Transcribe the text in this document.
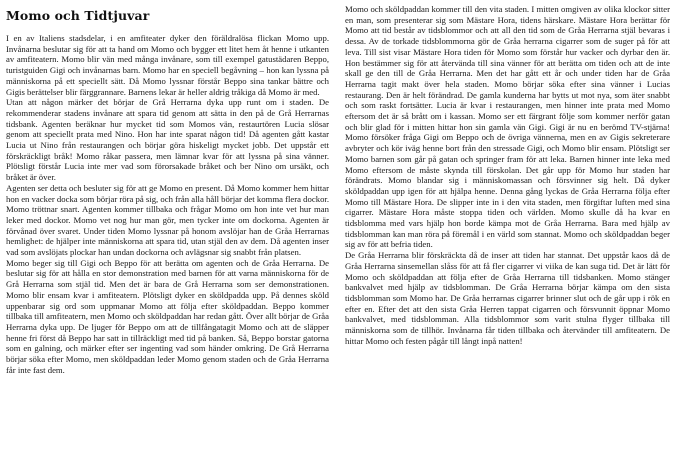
Momo och Tidtjuvar

I en av Italiens stadsdelar, i en amfiteater dyker den föräldralösa flickan Momo upp. Invånarna beslutar sig för att ta hand om Momo och bygger ett litet hem åt henne i utkanten av amfiteatern. Momo blir vän med många invånare, som till exempel gatustädaren Beppo, turistguiden Gigi och invånarnas barn. Momo har en speciell begåvning – hon kan lyssna på människorna på ett speciellt sätt. Då Momo lyssnar förstår Beppo sina tankar bättre och Gigis berättelser blir färggrannare. Barnens lekar är heller aldrig tråkiga då Momo är med.

Utan att någon märker det börjar de Grå Herrarna dyka upp runt om i staden. De rekommenderar stadens invånare att spara tid genom att sätta in den på de Grå Herrarnas tidsbank. Agenten beräknar hur mycket tid som Momos vän, restaurtören Lucia slösar genom att speciellt prata med Nino. Hon har inte sparat någon tid! Då agenten gått kastar Lucia ut Nino från restaurangen och börjar göra hiskeligt mycket jobb. Det uppstår ett förskräckligt bråk! Momo råkar passera, men lämnar kvar för att lyssna på sina vänner. Plötsligt förstår Lucia inte mer vad som förorsakade bråket och ber Nino om ursäkt, och bråket är över.

Agenten ser detta och besluter sig för att ge Momo en present. Då Momo kommer hem hittar hon en vacker docka som börjar röra på sig, och från alla håll börjar det komma flera dockor. Momo tröttnar snart. Agenten kommer tillbaka och frågar Momo om hon inte vet hur man leker med dockor. Momo vet nog hur man gör, men tycker inte om dockorna. Agenten är förvånad över svaret. Under tiden Momo lyssnar på honom avslöjar han de Gråa Herrarnas hemlighet: de hjälper inte människorna att spara tid, utan stjäl den av dem. Då agenten inser vad som avslöjats plockar han undan dockorna och avlägsnar sig snabbt från platsen.

Momo beger sig till Gigi och Beppo för att berätta om agenten och de Gråa Herrarna. De beslutar sig för att hålla en stor demonstration med barnen för att varna människorna för de Grå Herrarna som stjäl tid. Men det är bara de Grå Herrarna som ser demonstrationen. Momo blir ensam kvar i amfiteatern. Plötsligt dyker en sköldpadda upp. På dennes sköld uppenbarar sig ord som uppmanar Momo att följa efter sköldpaddan. Beppo kommer tillbaka till amfiteatern, men Momo och sköldpaddan har redan gått. Över allt börjar de Gråa Herrarna dyka upp. De ljuger för Beppo om att de tillfångatagit Momo och att de släpper henne fri först då Beppo har satt in tillräckligt med tid på banken. Så, Beppo borstar gatorna som en galning, och märker efter ser ingenting vad som händer omkring. De Grå Herrarna börjar söka efter Momo, men sköldpaddan leder Momo genom staden och de Gråa Herrarna får inte fast dem.

Momo och sköldpaddan kommer till den vita staden. I mitten omgiven av olika klockor sitter en man, som presenterar sig som Mästare Hora, tidens härskare. Mästare Hora berättar för Momo att tid består av tidsblommor och att all den tid som de Gråa Herrarna stjäl bevaras i dessa. Av de torkade tidsblommorna gör de Gråa herrarna cigarrer som de suger på för att leva. Till sist visar Mästare Hora tiden för Momo som förstår hur vacker och dyrbar den är. Hon bestämmer sig för att återvända till sina vänner för att berätta om tiden och att de inte skall ge den till de Gråa Herrarna. Men det har gått ett år och under tiden har de Gråa Herrarna tagit makt över hela staden. Momo börjar söka efter sina vänner i Lucias restaurang. Den är helt förändrad. De gamla kunderna har bytts ut mot nya, som äter snabbt och som raskt fortsätter. Lucia är kvar i restaurangen, men hinner inte prata med Momo eftersom det är så brått om i kassan. Momo ser ett färgrant följe som kommer nerför gatan och blir glad för i mitten hittar hon sin gamla vän Gigi. Gigi är nu en berömd TV-stjärna! Momo försöker fråga Gigi om Beppo och de övriga vännerna, men en av Gigis sekreterare avbryter och kör iväg henne bort från den stressade Gigi, och Momo blir ensam. Plötsligt ser Momo barnen som går på gatan och springer fram för att leka. Barnen hinner inte leka med Momo eftersom de måste skynda till förskolan. Det går upp för Momo hur staden har förändrats. Momo blandar sig i människomassan och försvinner sig helt. Då dyker sköldpaddan upp igen för att hjälpa henne. Denna gång lyckas de Gråa Herrarna följa efter Momo till Mästare Hora. De slipper inte in i den vita staden, men förgiftar luften med sina cigarrer. Mästare Hora måste stoppa tiden och världen. Momo skulle då ha kvar en tidsblomma med vars hjälp hon borde kämpa mot de Gråa Herrarna. Bara med hjälp av tidsblomman kan man röra på föremål i en värld som stannat. Momo och sköldpaddan beger sig av för att befria tiden.

De Gråa Herrarna blir förskräckta då de inser att tiden har stannat. Det uppstår kaos då de Gråa Herrarna sinsemellan slåss för att få fler cigarrer vi viika de kan suga tid. Det är lätt för Momo och sköldpaddan att följa efter de Gråa Herrarna till tidsbanken. Momo stänger bankvalvet med hjälp av tidsblomman. De Gråa Herrarna börjar kämpa om den sista tidsblomman som Momo har. De Gråa herrarnas cigarrer brinner slut och de går upp i rök en efter en. Efter det att den sista Gråa Herren tappat cigarren och försvunnit öppnar Momo bankvalvet, med tidsblomman. Alla tidsblommor som varit stulna flyger tillbaka till människorna som de tillhör. Invånarna får tiden tillbaka och återvänder till amfiteatern. De hittar Momo och festen pågår till långt inpå natten!
